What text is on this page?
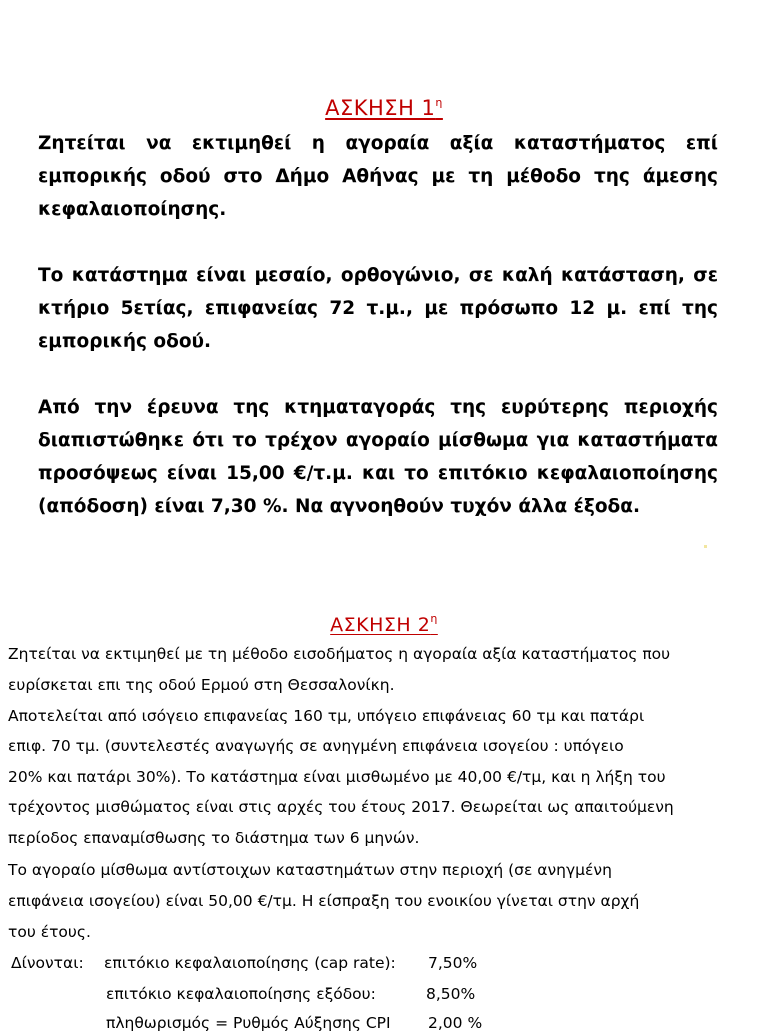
ΑΣΚΗΣΗ $1^\eta$

Ζητείται να εκτιμηθεί η αγοραία αξία καταστήματος επί εμπορικής οδού στο Δήμο Αθήνας με τη μέθοδο της άμεσης κεφαλαιοποίησης.

Το κατάστημα είναι μεσαίο, ορθογώνιο, σε καλή κατάσταση, σε κτήριο 5ετίας, επιφανείας 72 τ.μ., με πρόσωπο 12 μ. επί της εμπορικής οδού.

Από την έρευνα της κτηματαγοράς της ευρύτερης περιοχής διαπιστώθηκε ότι το τρέχον αγοραίο μίσθωμα για καταστήματα προσόψεως είναι 15,00 €/τ.μ. και το επιτόκιο κεφαλαιοποίησης (απόδοση) είναι 7,30 %. Να αγνοηθούν τυχόν άλλα έξοδα.

ΑΣΚΗΣΗ $2^\eta$
Ζητείται να εκτιμηθεί με τη μέθοδο εισοδήματος η αγοραία αξία καταστήματος που
ευρίσκεται επι της οδού Ερμού στη Θεσσαλονίκη.
Αποτελείται από ισόγειο επιφανείας 160 τμ, υπόγειο επιφάνειας 60 τμ και πατάρι
επιφ. 70 τμ. (συντελεστές αναγωγής σε ανηγμένη επιφάνεια ισογείου : υπόγειο
20% και πατάρι 30%). Το κατάστημα είναι μισθωμένο με 40,00 €/τμ, και η λήξη του
τρέχοντος μισθώματος είναι στις αρχές του έτους 2017. Θεωρείται ως απαιτούμενη
περίοδος επαναμίσθωσης το διάστημα των 6 μηνών.
Το αγοραίο μίσθωμα αντίστοιχων καταστημάτων στην περιοχή (σε ανηγμένη
επιφάνεια ισογείου) είναι 50,00 €/τμ. Η είσπραξη του ενοικίου γίνεται στην αρχή
του έτους.
Δίνονται: επιτόκιο κεφαλαιοποίησης (cap rate): 7,50%
επιτόκιο κεφαλαιοποίησης εξόδου:	8,50%
πληθωρισμός = Ρυθμός Αύξησης CPI 2,00 %
